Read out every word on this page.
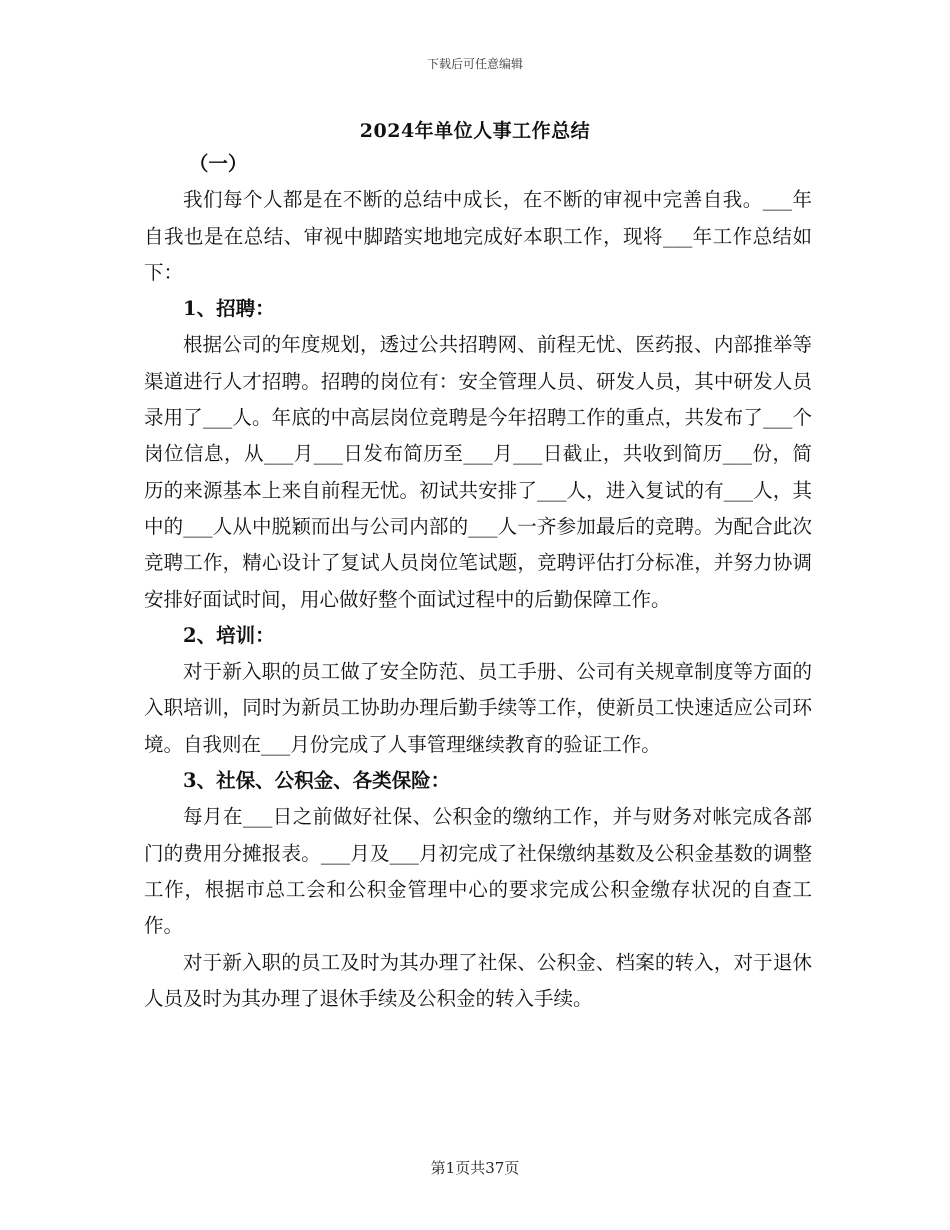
下载后可任意编辑
2024年单位人事工作总结

（一）

我们每个人都是在不断的总结中成长，在不断的审视中完善自我。___年自我也是在总结、审视中脚踏实地地完成好本职工作，现将___年工作总结如下：

1、招聘：

根据公司的年度规划，透过公共招聘网、前程无忧、医药报、内部推举等渠道进行人才招聘。招聘的岗位有：安全管理人员、研发人员，其中研发人员录用了___人。年底的中高层岗位竞聘是今年招聘工作的重点，共发布了___个岗位信息，从___月___日发布简历至___月___日截止，共收到简历___份，简历的来源基本上来自前程无忧。初试共安排了___人，进入复试的有___人，其中的___人从中脱颖而出与公司内部的___人一齐参加最后的竞聘。为配合此次竞聘工作，精心设计了复试人员岗位笔试题，竞聘评估打分标准，并努力协调安排好面试时间，用心做好整个面试过程中的后勤保障工作。

2、培训：

对于新入职的员工做了安全防范、员工手册、公司有关规章制度等方面的入职培训，同时为新员工协助办理后勤手续等工作，使新员工快速适应公司环境。自我则在___月份完成了人事管理继续教育的验证工作。

3、社保、公积金、各类保险：

每月在___日之前做好社保、公积金的缴纳工作，并与财务对帐完成各部门的费用分摊报表。___月及___月初完成了社保缴纳基数及公积金基数的调整工作，根据市总工会和公积金管理中心的要求完成公积金缴存状况的自查工作。

对于新入职的员工及时为其办理了社保、公积金、档案的转入，对于退休人员及时为其办理了退休手续及公积金的转入手续。

第1页共37页
